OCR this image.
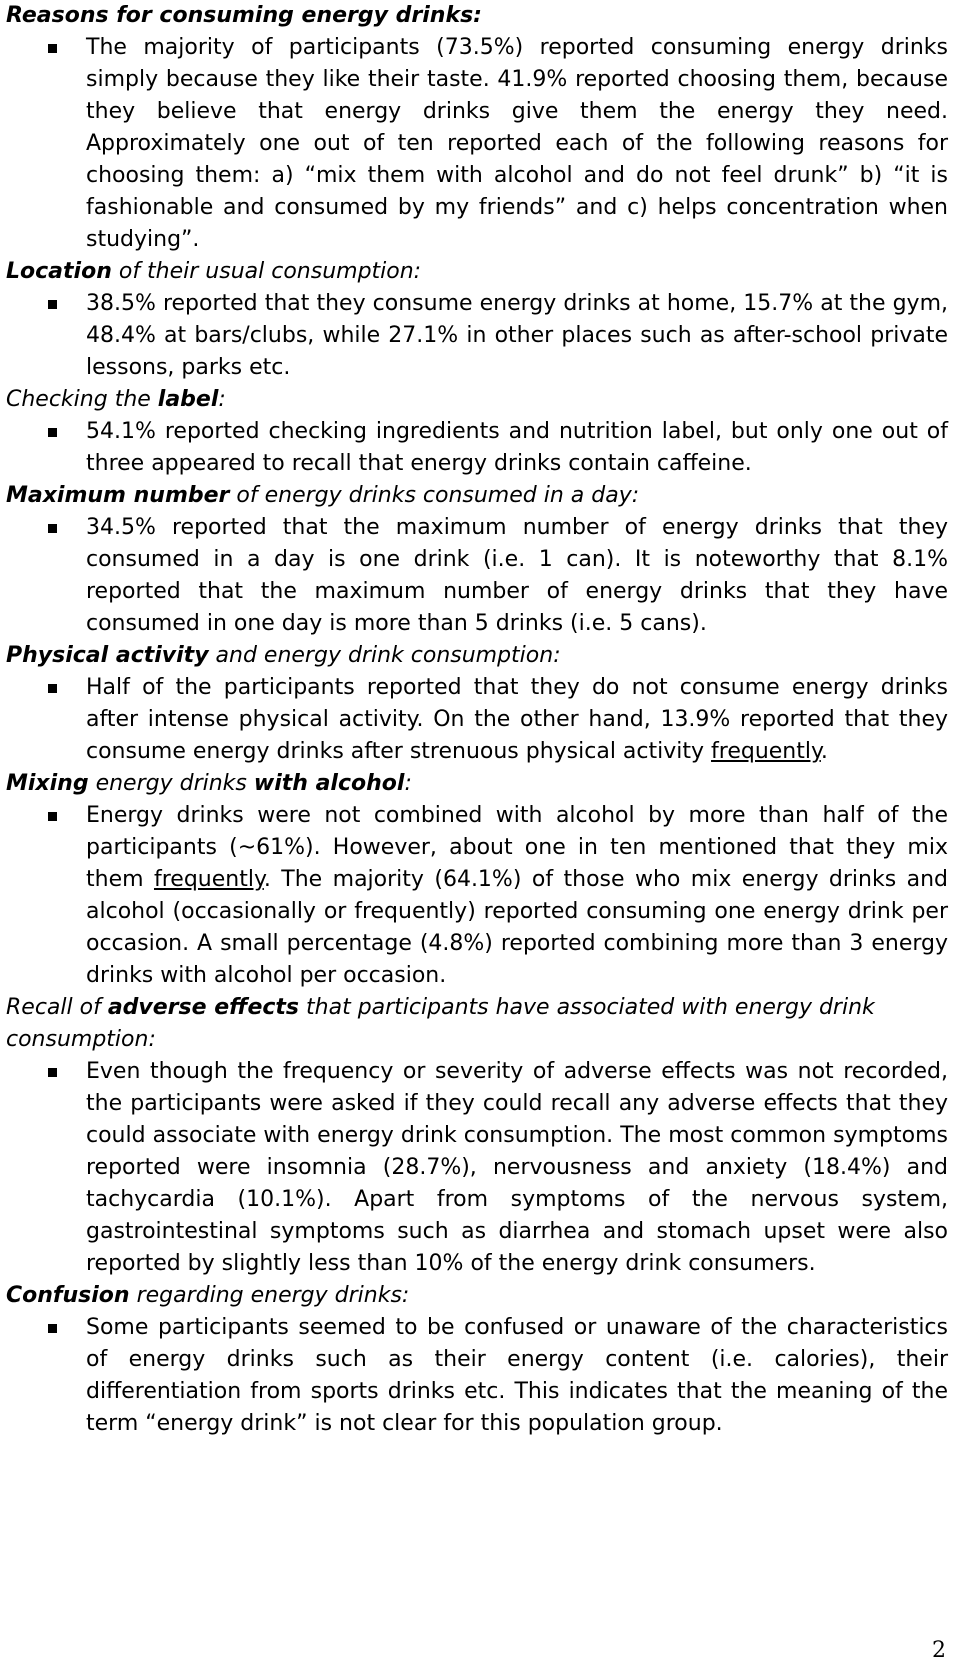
Reasons for consuming energy drinks:

The majority of participants (73.5%) reported consuming energy drinks simply because they like their taste. 41.9% reported choosing them, because they believe that energy drinks give them the energy they need. Approximately one out of ten reported each of the following reasons for choosing them: a) “mix them with alcohol and do not feel drunk” b) “it is fashionable and consumed by my friends” and c) helps concentration when studying”.

Location of their usual consumption:

38.5% reported that they consume energy drinks at home, 15.7% at the gym, 48.4% at bars/clubs, while 27.1% in other places such as after-school private lessons, parks etc.

Checking the label:

54.1% reported checking ingredients and nutrition label, but only one out of three appeared to recall that energy drinks contain caffeine.

Maximum number of energy drinks consumed in a day:

34.5% reported that the maximum number of energy drinks that they consumed in a day is one drink (i.e. 1 can). It is noteworthy that 8.1% reported that the maximum number of energy drinks that they have consumed in one day is more than 5 drinks (i.e. 5 cans).

Physical activity and energy drink consumption:

Half of the participants reported that they do not consume energy drinks after intense physical activity. On the other hand, 13.9% reported that they consume energy drinks after strenuous physical activity frequently.

Mixing energy drinks with alcohol:

Energy drinks were not combined with alcohol by more than half of the participants (~61%). However, about one in ten mentioned that they mix them frequently. The majority (64.1%) of those who mix energy drinks and alcohol (occasionally or frequently) reported consuming one energy drink per occasion. A small percentage (4.8%) reported combining more than 3 energy drinks with alcohol per occasion.

Recall of adverse effects that participants have associated with energy drink consumption:

Even though the frequency or severity of adverse effects was not recorded, the participants were asked if they could recall any adverse effects that they could associate with energy drink consumption. The most common symptoms reported were insomnia (28.7%), nervousness and anxiety (18.4%) and tachycardia (10.1%). Apart from symptoms of the nervous system, gastrointestinal symptoms such as diarrhea and stomach upset were also reported by slightly less than 10% of the energy drink consumers.

Confusion regarding energy drinks:

Some participants seemed to be confused or unaware of the characteristics of energy drinks such as their energy content (i.e. calories), their differentiation from sports drinks etc. This indicates that the meaning of the term “energy drink” is not clear for this population group.

2
